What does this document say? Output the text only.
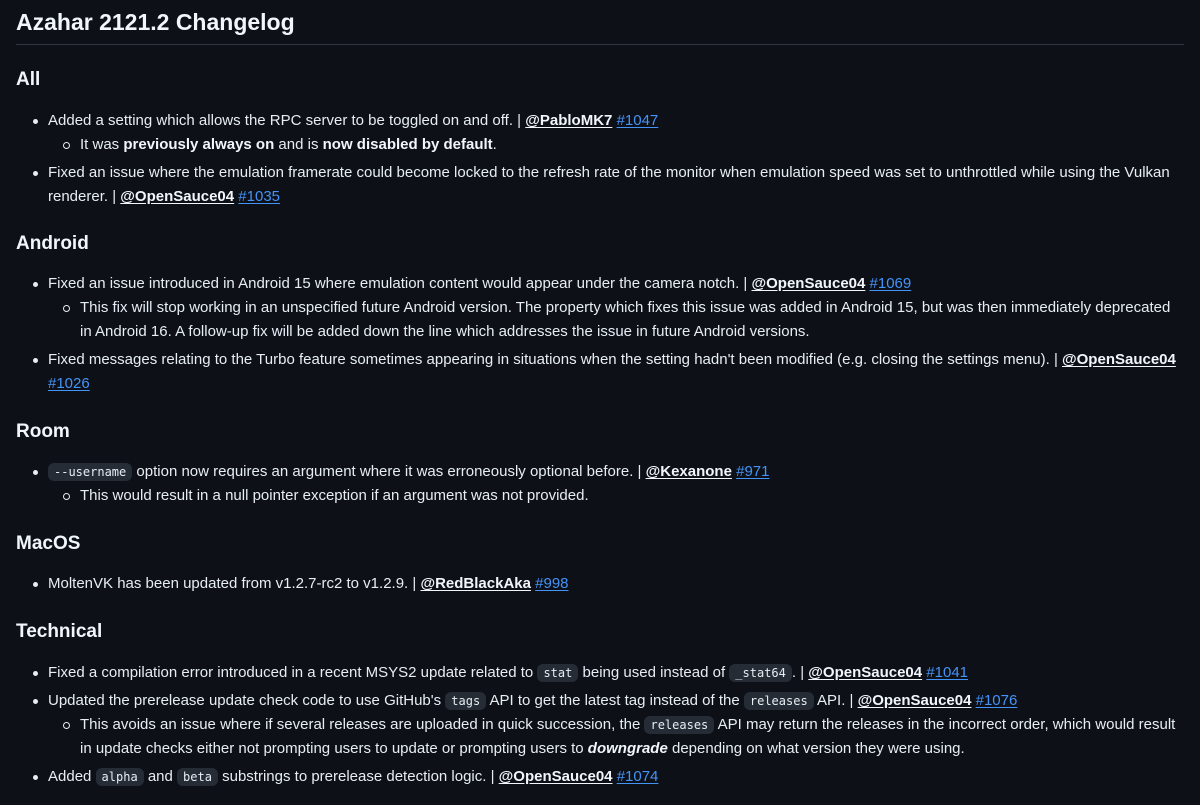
Azahar 2121.2 Changelog
All
Added a setting which allows the RPC server to be toggled on and off. | @PabloMK7 #1047
It was previously always on and is now disabled by default.
Fixed an issue where the emulation framerate could become locked to the refresh rate of the monitor when emulation speed was set to unthrottled while using the Vulkan renderer. | @OpenSauce04 #1035
Android
Fixed an issue introduced in Android 15 where emulation content would appear under the camera notch. | @OpenSauce04 #1069
This fix will stop working in an unspecified future Android version. The property which fixes this issue was added in Android 15, but was then immediately deprecated in Android 16. A follow-up fix will be added down the line which addresses the issue in future Android versions.
Fixed messages relating to the Turbo feature sometimes appearing in situations when the setting hadn't been modified (e.g. closing the settings menu). | @OpenSauce04 #1026
Room
--username option now requires an argument where it was erroneously optional before. | @Kexanone #971
This would result in a null pointer exception if an argument was not provided.
MacOS
MoltenVK has been updated from v1.2.7-rc2 to v1.2.9. | @RedBlackAka #998
Technical
Fixed a compilation error introduced in a recent MSYS2 update related to stat being used instead of _stat64 . | @OpenSauce04 #1041
Updated the prerelease update check code to use GitHub's tags API to get the latest tag instead of the releases API. | @OpenSauce04 #1076
This avoids an issue where if several releases are uploaded in quick succession, the releases API may return the releases in the incorrect order, which would result in update checks either not prompting users to update or prompting users to downgrade depending on what version they were using.
Added alpha and beta substrings to prerelease detection logic. | @OpenSauce04 #1074
